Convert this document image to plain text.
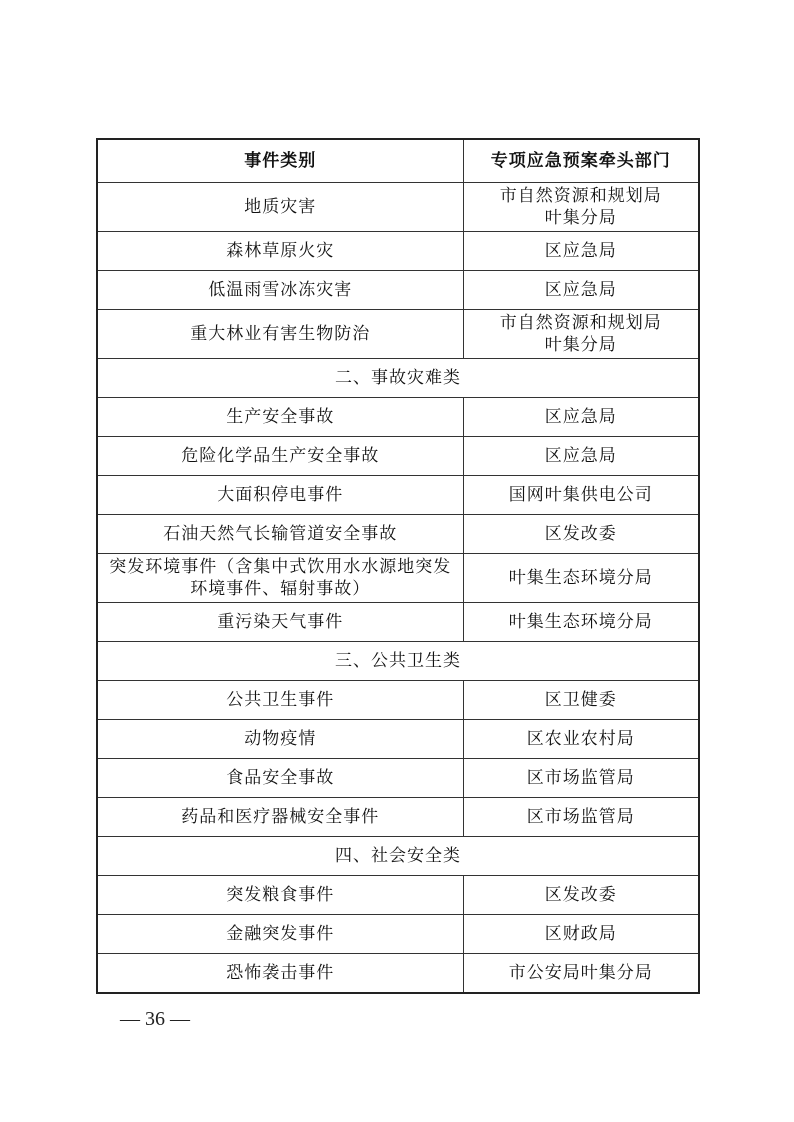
事件类别	专项应急预案牵头部门

地质灾害	市自然资源和规划局
叶集分局

森林草原火灾	区应急局

低温雨雪冰冻灾害	区应急局

重大林业有害生物防治	市自然资源和规划局
叶集分局

二、事故灾难类	

生产安全事故	区应急局

危险化学品生产安全事故	区应急局

大面积停电事件	国网叶集供电公司

石油天然气长输管道安全事故	区发改委

突发环境事件（含集中式饮用水水源地突发
环境事件、辐射事故）	叶集生态环境分局

重污染天气事件	叶集生态环境分局

三、公共卫生类	

公共卫生事件	区卫健委

动物疫情	区农业农村局

食品安全事故	区市场监管局

药品和医疗器械安全事件	区市场监管局

四、社会安全类	

突发粮食事件	区发改委

金融突发事件	区财政局

恐怖袭击事件	市公安局叶集分局
— 36 —
